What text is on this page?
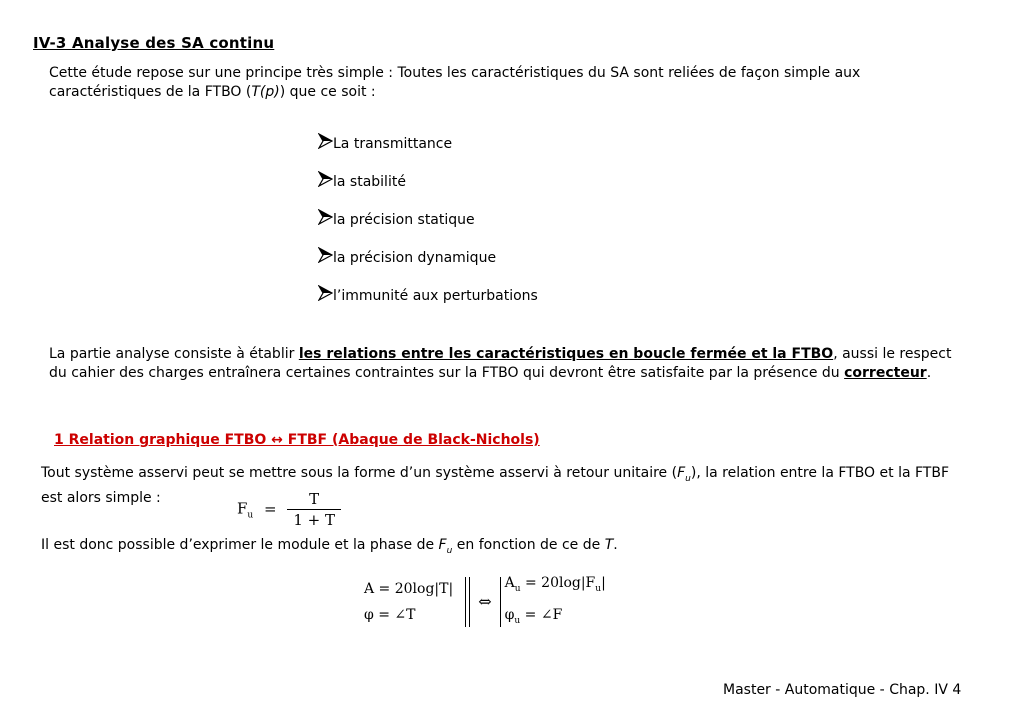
IV-3 Analyse des SA continu
Cette étude repose sur une principe très simple : Toutes les caractéristiques du SA sont reliées de façon simple aux caractéristiques de la FTBO (T(p)) que ce soit :
La transmittance
la stabilité
la précision statique
la précision dynamique
l’immunité aux perturbations
La partie analyse consiste à établir les relations entre les caractéristiques en boucle fermée et la FTBO, aussi le respect du cahier des charges entraînera certaines contraintes sur la FTBO qui devront être satisfaite par la présence du correcteur.
1 Relation graphique FTBO ↔ FTBF (Abaque de Black-Nichols)
Tout système asservi peut se mettre sous la forme d’un système asservi à retour unitaire $(F_u)$, la relation entre la FTBO et la FTBF est alors simple :
$F_u = \frac{T}{1 + T}$
Il est donc possible d’exprimer le module et la phase de $F_u$ en fonction de ce de T.
A = 20log|T|
φ = ∠T
⇔
$A_u = 20\log|F_u|$
$\varphi_u$ = ∠F
Master - Automatique - Chap. IV 4
